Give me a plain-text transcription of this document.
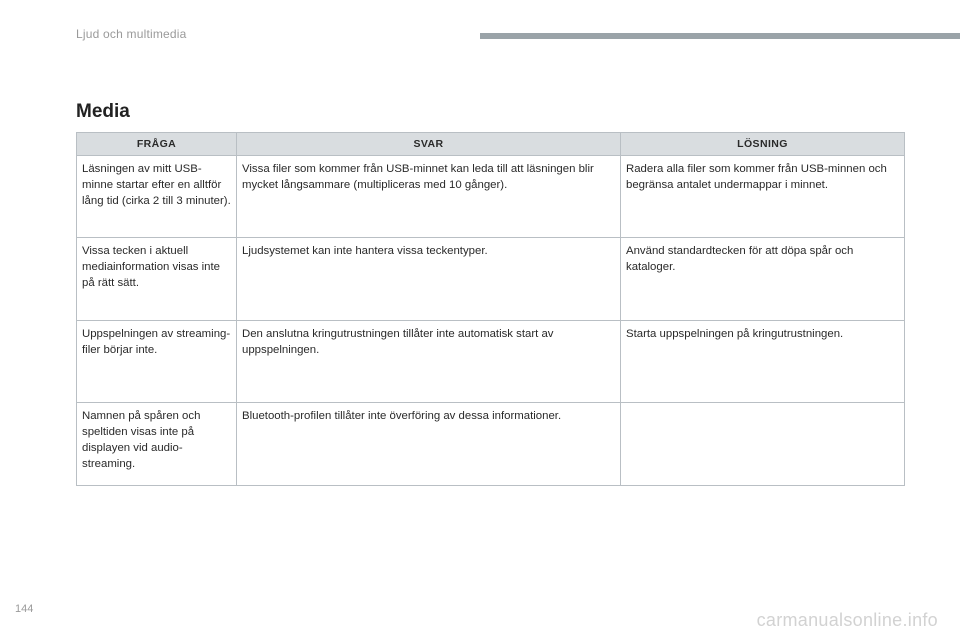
Ljud och multimedia
Media
FRÅGA	SVAR	LÖSNING
Läsningen av mitt USB-minne startar efter en alltför lång tid (cirka 2 till 3 minuter).	Vissa filer som kommer från USB-minnet kan leda till att läsningen blir mycket långsammare (multipliceras med 10 gånger).	Radera alla filer som kommer från USB-minnen och begränsa antalet undermappar i minnet.
Vissa tecken i aktuell mediainformation visas inte på rätt sätt.	Ljudsystemet kan inte hantera vissa teckentyper.	Använd standardtecken för att döpa spår och kataloger.
Uppspelningen av streaming-filer börjar inte.	Den anslutna kringutrustningen tillåter inte automatisk start av uppspelningen.	Starta uppspelningen på kringutrustningen.
Namnen på spåren och speltiden visas inte på displayen vid audio-streaming.	Bluetooth-profilen tillåter inte överföring av dessa informationer.	
144
carmanualsonline.info
